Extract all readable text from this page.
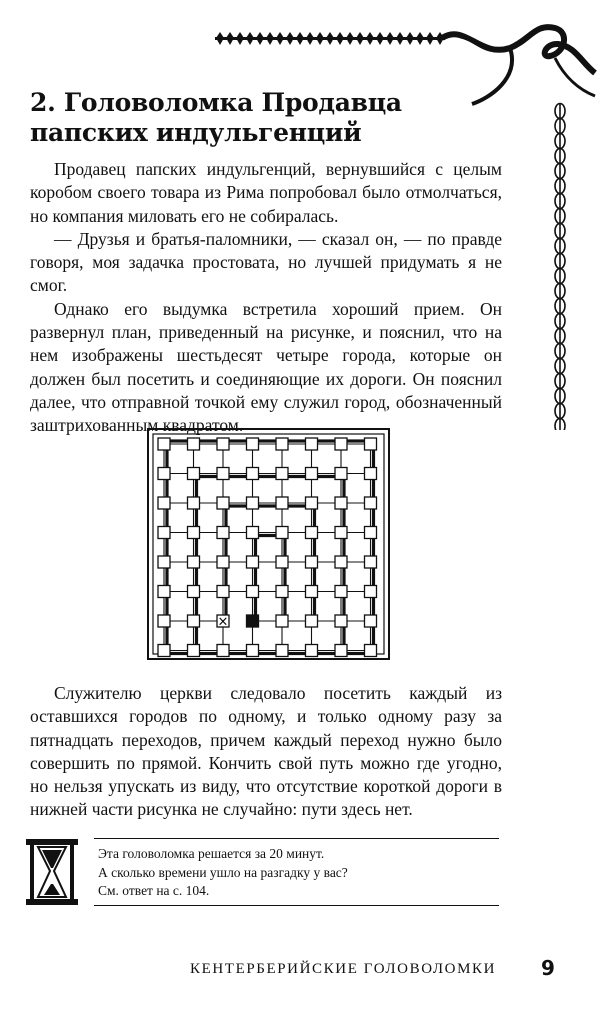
2. Головоломка Продавца
папских индульгенций

Продавец папских индульгенций, вернувшийся с целым коробом своего товара из Рима попробовал было отмолчаться, но компания миловать его не собиралась.

— Друзья и братья-паломники, — сказал он, — по правде говоря, моя задачка простовата, но лучшей придумать я не смог.

Однако его выдумка встретила хороший прием. Он развернул план, приведенный на рисунке, и пояснил, что на нем изображены шестьдесят четыре города, которые он должен был посетить и соединяющие их дороги. Он пояснил далее, что отправной точкой ему служил город, обозначенный заштрихованным квадратом.

×

Служителю церкви следовало посетить каждый из оставшихся городов по одному, и только одному разу за пятнадцать переходов, причем каждый переход нужно было совершить по прямой. Кончить свой путь можно где угодно, но нельзя упускать из виду, что отсутствие короткой дороги в нижней части рисунка не случайно: пути здесь нет.

Эта головоломка решается за 20 минут.
А сколько времени ушло на разгадку у вас?
См. ответ на с. 104.
КЕНТЕРБЕРИЙСКИЕ ГОЛОВОЛОМКИ 9
